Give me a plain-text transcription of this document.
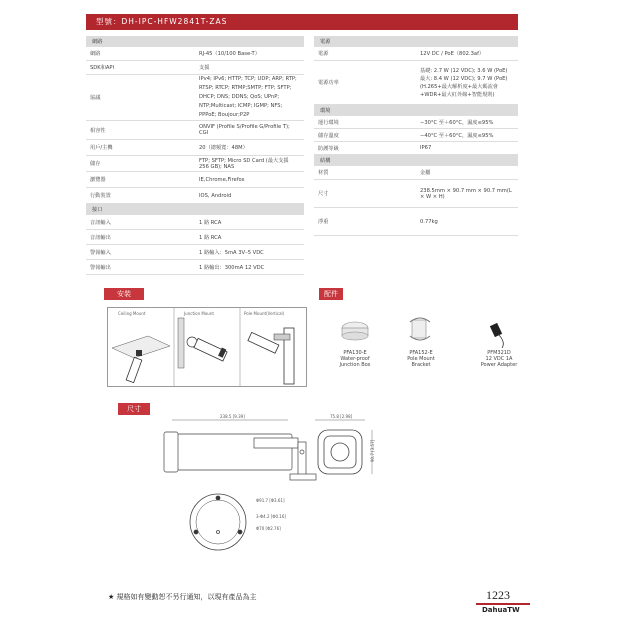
型號：DH-IPC-HFW2841T-ZAS
網路	
網路	RJ-45（10/100 Base-T）
SDK和API	支援
協議	IPv4; IPv6; HTTP; TCP; UDP; ARP; RTP; RTSP; RTCP; RTMP;SMTP; FTP; SFTP; DHCP; DNS; DDNS; QoS; UPnP; NTP;Multicast; ICMP; IGMP; NFS; PPPoE; Boujour;P2P
相容性	ONVIF (Profile S/Profile G/Profile T); CGI
用戶/主機	20（總頻寬：48M）
儲存	FTP; SFTP; Micro SD Card (最大支援 256 GB); NAS
瀏覽器	IE,Chrome,Firefox
行動裝置	IOS, Android
接口	
音訊輸入	1 路 RCA
音訊輸出	1 路 RCA
警報輸入	1 路輸入：5mA 3V–5 VDC
警報輸出	1 路輸出：300mA 12 VDC
電源	
電源	12V DC / PoE（802.3af）
電源功率	基礎: 2.7 W (12 VDC); 3.6 W (PoE)
最大: 8.4 W (12 VDC); 9.7 W (PoE)
(H.265+最大解析度+最大碼流會+WDR+最大紅外線+智能規則)
環境	
運行環境	−30°C 至＋60°C，濕度≤95%
儲存溫度	−40°C 至＋60°C，濕度≤95%
防護等級	IP67
結構	
材質	金屬
尺寸	238.5mm × 90.7 mm × 90.7 mm(L × W × H)
淨重	0.77kg
安裝
Ceiling Mount	Junction Mount	Pole Mount(Vertical)
配件
PFA130-E
Water-proof
Junction Box
PFA152-E
Pole Mount
Bracket
PFM321D
12 VDC 1A
Power Adapter
尺寸
238.5 [9.39]	75.8 [2.98]
90.7 [3.57]
Φ91.7 [Φ3.61]
3-Φ4.2 [Φ0.16]
Φ70 [Φ2.76]
★ 規格如有變動恕不另行通知，以現有產品為主	1223
DahuaTW
